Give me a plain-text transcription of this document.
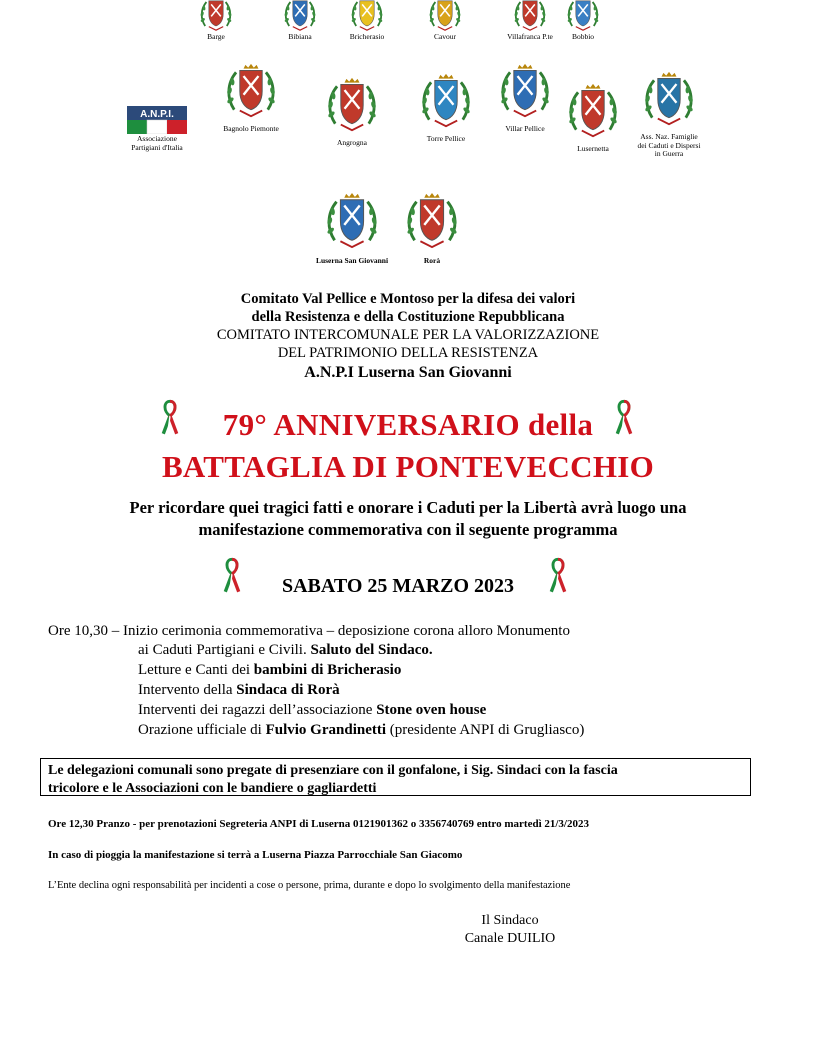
Barge	Bibiana	Bricherasio	Cavour	Villafranca P.te	Bobbio
Bagnolo Piemonte
Angrogna	Torre Pellice
Villar Pellice
Lusernetta
Ass. Naz. Famiglie
dei Caduti e Dispersi
in Guerra
Luserna San Giovanni	Rorà
A.N.P.I.
Associazione
Partigiani d'Italia
Comitato Val Pellice e Montoso per la difesa dei valori
della Resistenza e della Costituzione Repubblicana
COMITATO INTERCOMUNALE PER LA VALORIZZAZIONE
DEL PATRIMONIO DELLA RESISTENZA
A.N.P.I Luserna San Giovanni
79° ANNIVERSARIO della
BATTAGLIA DI PONTEVECCHIO
Per ricordare quei tragici fatti e onorare i Caduti per la Libertà avrà luogo una
manifestazione commemorativa con il seguente programma
SABATO 25 MARZO 2023
Ore 10,30 – Inizio cerimonia commemorativa – deposizione corona alloro Monumento
ai Caduti Partigiani e Civili. Saluto del Sindaco.
Letture e Canti dei bambini di Bricherasio
Intervento della Sindaca di Rorà
Interventi dei ragazzi dell’associazione Stone oven house
Orazione ufficiale di Fulvio Grandinetti (presidente ANPI di Grugliasco)
Le delegazioni comunali sono pregate di presenziare con il gonfalone, i Sig. Sindaci con la fascia
tricolore e le Associazioni con le bandiere o gagliardetti
Ore 12,30 Pranzo - per prenotazioni Segreteria ANPI di Luserna 0121901362 o 3356740769 entro martedì 21/3/2023
In caso di pioggia la manifestazione si terrà a Luserna Piazza Parrocchiale San Giacomo
L’Ente declina ogni responsabilità per incidenti a cose o persone, prima, durante e dopo lo svolgimento della manifestazione
Il Sindaco
Canale DUILIO
